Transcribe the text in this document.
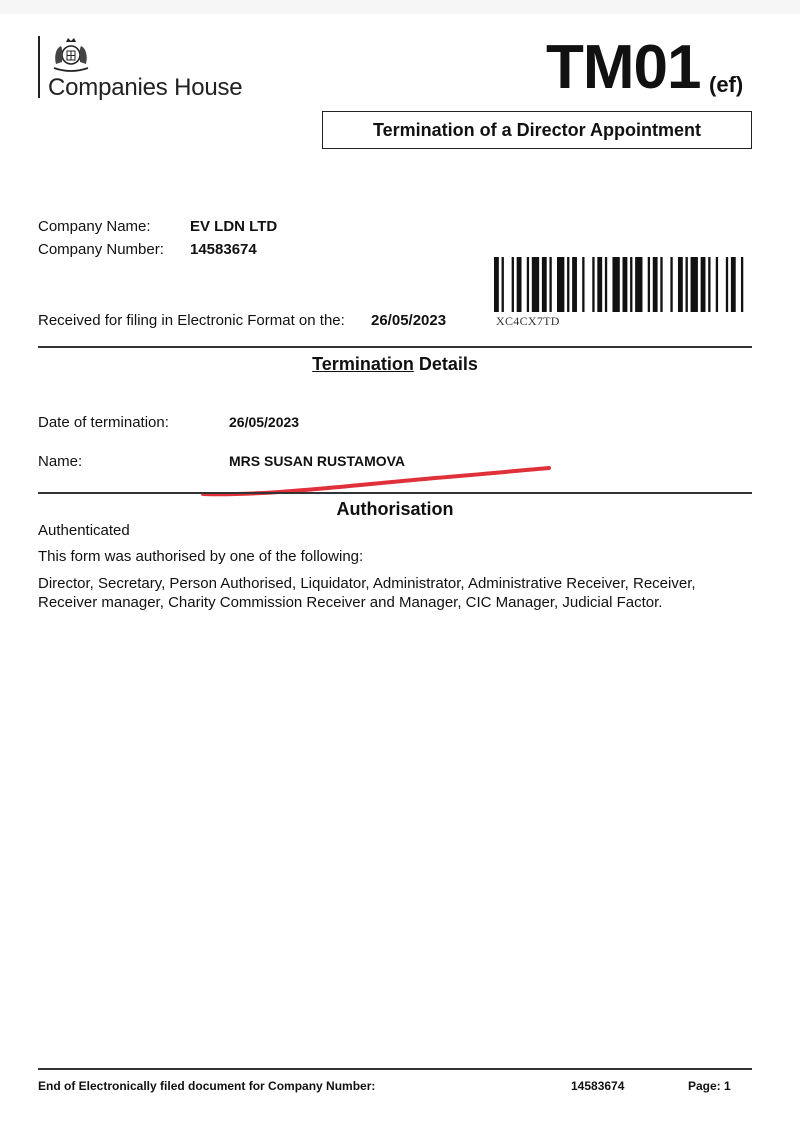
Companies House	TM01 (ef)
Termination of a Director Appointment
Company Name:	EV LDN LTD
Company Number: 14583674
XC4CX7TD
Received for filing in Electronic Format on the: 26/05/2023
Termination Details
Date of termination:	26/05/2023
Name:	MRS SUSAN RUSTAMOVA
Authorisation
Authenticated
This form was authorised by one of the following:
Director, Secretary, Person Authorised, Liquidator, Administrator, Administrative Receiver, Receiver, Receiver manager, Charity Commission Receiver and Manager, CIC Manager, Judicial Factor.
End of Electronically filed document for Company Number:	14583674	Page: 1
